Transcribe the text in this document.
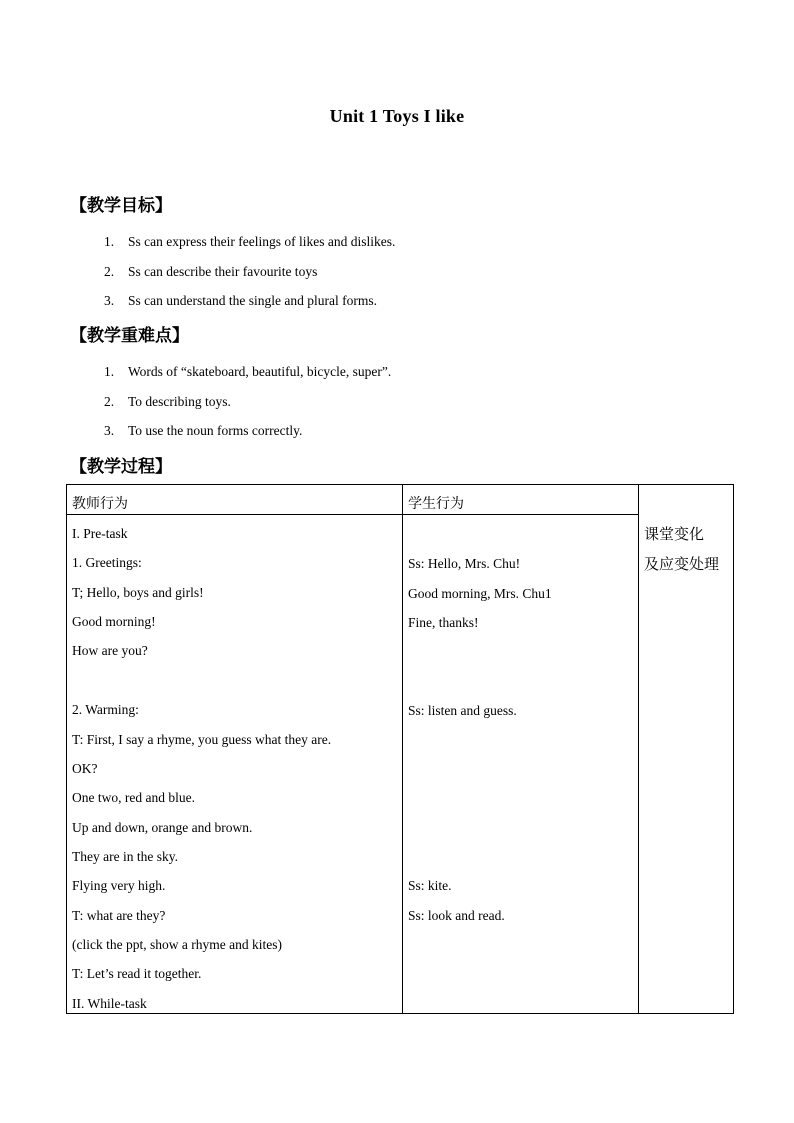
Unit 1 Toys I like
【教学目标】
1. Ss can express their feelings of likes and dislikes.
2. Ss can describe their favourite toys
3. Ss can understand the single and plural forms.
【教学重难点】
1. Words of “skateboard, beautiful, bicycle, super”.
2. To describing toys.
3. To use the noun forms correctly.
【教学过程】
教师行为	学生行为
课堂变化
及应变处理
I. Pre-task
1. Greetings:
T; Hello, boys and girls!
Good morning!
How are you?
2. Warming:
T: First, I say a rhyme, you guess what they are.
OK?
One two, red and blue.
Up and down, orange and brown.
They are in the sky.
Flying very high.
T: what are they?
(click the ppt, show a rhyme and kites)
T: Let’s read it together.
II. While-task
Ss: Hello, Mrs. Chu!
Good morning, Mrs. Chu1
Fine, thanks!
Ss: listen and guess.
Ss: kite.
Ss: look and read.
